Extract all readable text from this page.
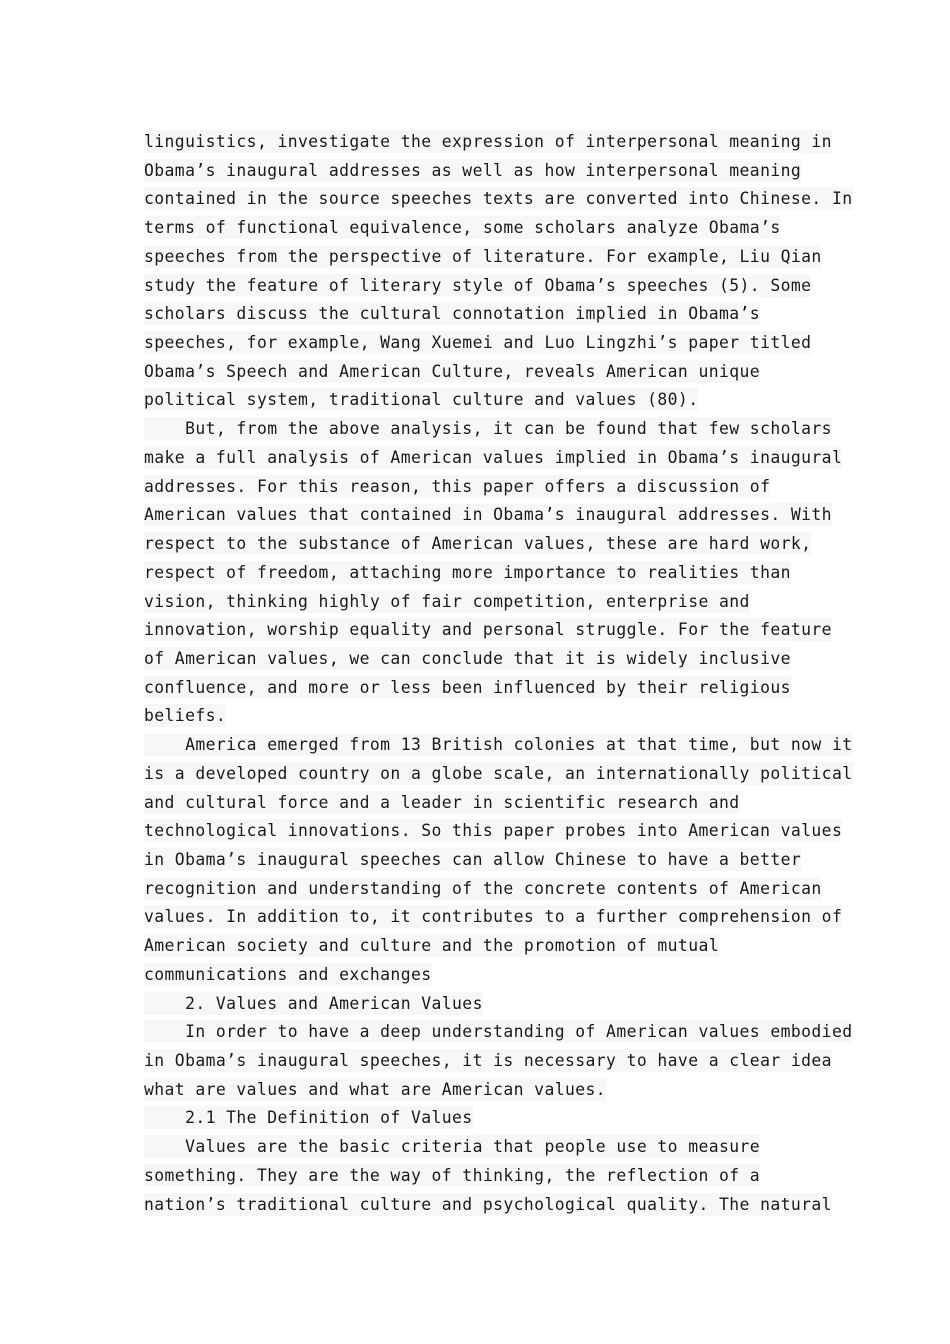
linguistics, investigate the expression of interpersonal meaning in
Obama’s inaugural addresses as well as how interpersonal meaning
contained in the source speeches texts are converted into Chinese. In
terms of functional equivalence, some scholars analyze Obama’s
speeches from the perspective of literature. For example, Liu Qian
study the feature of literary style of Obama’s speeches (5). Some
scholars discuss the cultural connotation implied in Obama’s
speeches, for example, Wang Xuemei and Luo Lingzhi’s paper titled
Obama’s Speech and American Culture, reveals American unique
political system, traditional culture and values (80).
But, from the above analysis, it can be found that few scholars
make a full analysis of American values implied in Obama’s inaugural
addresses. For this reason, this paper offers a discussion of
American values that contained in Obama’s inaugural addresses. With
respect to the substance of American values, these are hard work,
respect of freedom, attaching more importance to realities than
vision, thinking highly of fair competition, enterprise and
innovation, worship equality and personal struggle. For the feature
of American values, we can conclude that it is widely inclusive
confluence, and more or less been influenced by their religious
beliefs.
America emerged from 13 British colonies at that time, but now it
is a developed country on a globe scale, an internationally political
and cultural force and a leader in scientific research and
technological innovations. So this paper probes into American values
in Obama’s inaugural speeches can allow Chinese to have a better
recognition and understanding of the concrete contents of American
values. In addition to, it contributes to a further comprehension of
American society and culture and the promotion of mutual
communications and exchanges
2. Values and American Values
In order to have a deep understanding of American values embodied
in Obama’s inaugural speeches, it is necessary to have a clear idea
what are values and what are American values.
2.1 The Definition of Values
Values are the basic criteria that people use to measure
something. They are the way of thinking, the reflection of a
nation’s traditional culture and psychological quality. The natural
